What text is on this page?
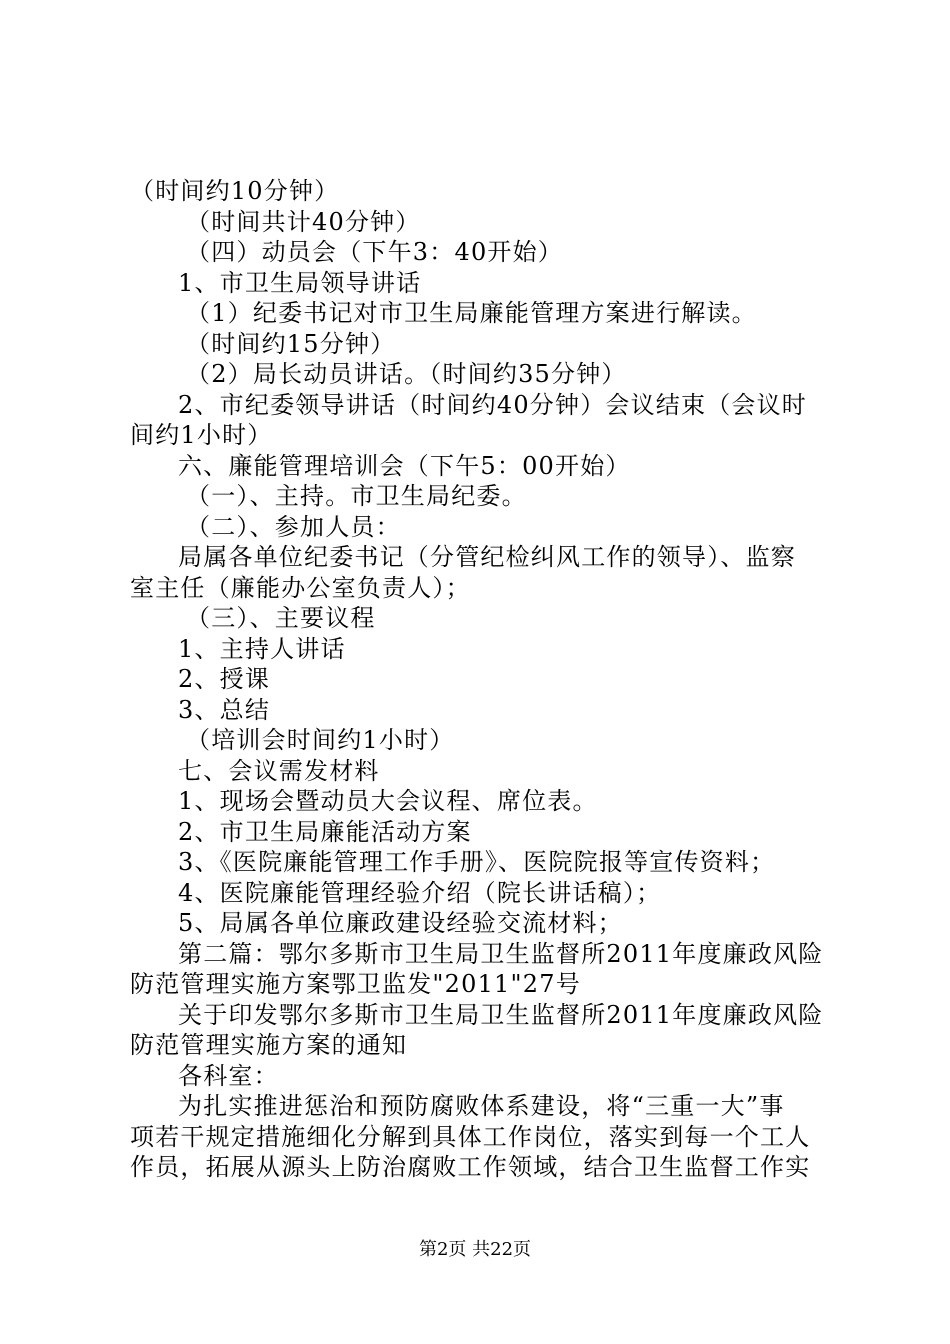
（时间约10分钟）
（时间共计40分钟）
（四）动员会（下午3：40开始）
1、市卫生局领导讲话
（1）纪委书记对市卫生局廉能管理方案进行解读。
（时间约15分钟）
（2）局长动员讲话。（时间约35分钟）
2、市纪委领导讲话（时间约40分钟）会议结束（会议时
间约1小时）
六、廉能管理培训会（下午5：00开始）
（一）、主持。市卫生局纪委。
（二）、参加人员：
局属各单位纪委书记（分管纪检纠风工作的领导）、监察
室主任（廉能办公室负责人）；
（三）、主要议程
1、主持人讲话
2、授课
3、总结
（培训会时间约1小时）
七、会议需发材料
1、现场会暨动员大会议程、席位表。
2、市卫生局廉能活动方案
3、《医院廉能管理工作手册》、医院院报等宣传资料；
4、医院廉能管理经验介绍（院长讲话稿）；
5、局属各单位廉政建设经验交流材料；
第二篇：鄂尔多斯市卫生局卫生监督所2011年度廉政风险
防范管理实施方案鄂卫监发"2011"27号
关于印发鄂尔多斯市卫生局卫生监督所2011年度廉政风险
防范管理实施方案的通知
各科室：
为扎实推进惩治和预防腐败体系建设，将“三重一大”事
项若干规定措施细化分解到具体工作岗位，落实到每一个工人
作员，拓展从源头上防治腐败工作领域，结合卫生监督工作实
第2页 共22页
